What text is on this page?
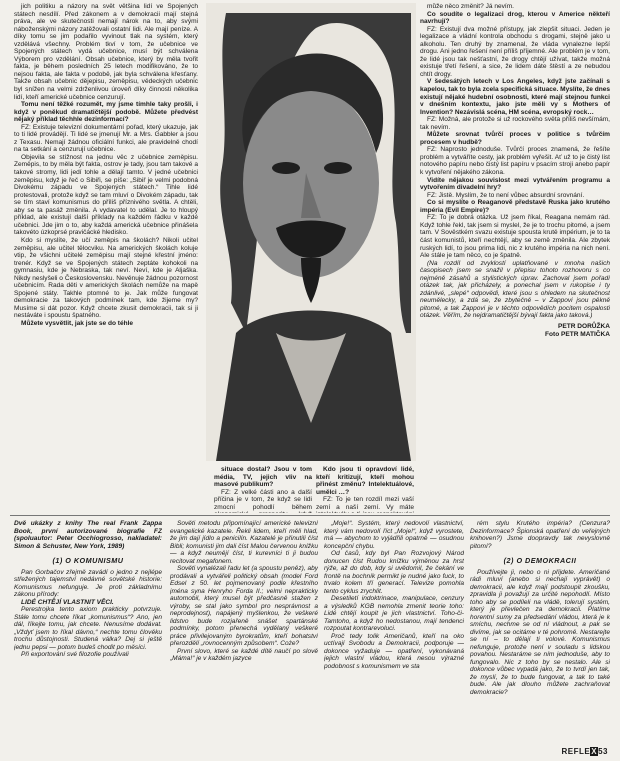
jich politiku a názory na svět většina lidí ve Spojených státech nesdílí. Před zákonem a v demokracii mají stejná práva, ale ve skutečnosti nemají nárok na to, aby svými náboženskými názory zatěžovali ostatní lidi. Ale mají peníze. A díky tomu se jim podařilo vyvinout tlak na systém, který vzdělává všechny. Problém tkví v tom, že učebnice ve Spojených státech vydá učebnice, musí být schválena Výborem pro vzdělání. Obsah učebnice, který by měla tvořit fakta, je během posledních 25 letech modifikováno, že to nejsou fakta, ale fakta v podobě, jak byla schválena křesťany. Takže obsah učebnic dějepisu, zeměpisu, vědeckých učebnic byl snížen na velmi zdrženlivou úroveň díky činnosti několika lidí, kteří americké učebnice cenzurují.

Tomu není těžké rozumět, my jsme tímhle taky prošli, i když v poněkud dramatičtější podobě. Můžete předvést nějaký příklad těchhle dezinformací?

FZ: Existuje televizní dokumentární pořad, který ukazuje, jak to ti lidé provádějí. Ti lidé se jmenují Mr. a Mrs. Gabbler a jsou z Texasu. Nemají žádnou oficiální funkci, ale pravidelně chodí na ta setkání a cenzurují učebnice.

Objevila se stížnost na jednu věc z učebnice zeměpisu. Zeměpis, to by měla být fakta, ostrov je tady, jsou tam takové a takové stromy, lidi jedí tohle a dělají tamto. V jedné učebnici zeměpisu, když je řeč o Sibiři, se píše: „Sibiř je velmi podobná Divokému západu ve Spojených státech.“ Tihle lidé protestovali, protože když se tam mluví o Divokém západu, tak se tím staví komunismus do příliš příznivého světla. A chtěli, aby se ta pasáž změnila. A vydavatel to udělal. Je to hloupý příklad, ale existují další příklady na každém řádku v každé učebnici. Jde jim o to, aby každá americká učebnice přinášela takovéto úzkoprsé pravičácké hledisko.

Kdo si myslíte, že učí zeměpis na školách? Nikoli učitel zeměpisu, ale učitel tělocviku. Na amerických školách koluje vtip, že všichni učitelé zeměpisu mají stejné křestní jméno: trenér. Když se ve Spojených státech zeptáte kohokoli na gymnasiu, kde je Nebraska, tak neví. Neví, kde je Aljaška. Nikdy neslyšeli o Československu. Nevěnuje žádnou pozornost učebnicím. Rada děti v amerických školách nemůže na mapě Spojené státy. Takhle ptomné to je. Jak může fungovat demokracie za takových podmínek tam, kde žijeme my? Musíme si dát pozor. Když chcete zkusit demokracii, tak si ji nestáváte i spoustu špatného.

Můžete vysvětlit, jak jste se do téhle

situace dostal? Jsou v tom média, TV, jejich vliv na masové publikum?

FZ: Z velké části ano a další příčina je v tom, že když se lidi zmocní pohodlí během

Kdo jsou ti opravdoví lidé, kteří kritizují, kteří mohou přinést změnu? Intelektuálové, umělci …?

FZ: To je ten rozdíl mezi vaší zemí a naší zemí. Vy máte

může něco změnit? Já nevím.

Co soudíte o legalizaci drog, kterou v Americe někteří navrhují?

FZ: Existují dva možné přístupy, jak zlepšit situaci. Jeden je legalizace a vládní kontrola obchodu s drogami, stejně jako u alkoholu. Ten druhý by znamenal, že vláda vynalezne lepší drogu. Ani jedno řešení není příliš příjemné. Ale problém je v tom, že lidé jsou tak nešťastní, že drogy chtějí užívat, takže možná existuje třetí řešení, a sice, že lidem dáte štěstí a ze nebudou chtít drogy.

V šedesátých letech v Los Angeles, když jste začínali s kapelou, tak to byla zcela specifická situace. Myslíte, že dnes existují nějaké hudební osobnosti, které mají stejnou funkci v dnešním kontextu, jako jste měli vy s Mothers of Invention? Nezávislá scéna, HM scéna, evropský rock…

FZ: Možná, ale protože si už rockového světa příliš nevšímám, tak nevím.

Můžete srovnat tvůrčí proces v politice s tvůrčím procesem v hudbě?

FZ: Naprosto jednoduše. Tvůrčí proces znamená, že řešíte problém a vytváříte cesty, jak problém vyřešit. Ať už to je čistý list notového papíru nebo čistý list papíru v psacím stroji anebo papír k vytvoření nějakého zákona.

Vidíte nějakou souvislost mezi vytvářením programu a vytvořením divadelní hry?

FZ: Jistě. Myslím, že to není vůbec absurdní srovnání.

Co si myslíte o Reaganově představě Ruska jako krutého impéria (Evil Empire)?

FZ: To je dobrá otázka. Už jsem říkal, Reagana nemám rád. Když tohle řekl, tak jsem si myslel, že je to trochu pitomé, a jsem tam. V Sověstkém svazu existuje spousta krutě impérium, je to ta část komunistů, kteří nechtějí, aby se země změnila. Ale zbytek ruských lidí, to jsou prima lidi, nic z krutého impéria na nich není. Ale stále je tam něco, co je špatně.

(Na rozdíl od zvyklostí uplatňované v mnoha našich časopisech jsem se snažil v přepisu tohoto rozhovoru s co nejméně zásahů a stylistických úprav. Zachoval jsem pořadí otázek tak, jak přicházely, a ponechal jsem v rukopise i ty zdánlivé, „slepé“ odpovědi, které jsou s ohledem na skutečnost neumělecky, a zdá se, že zbytečně – v Zappovi jsou pěkně pitomé, a tak Zappovi je v těchto odpovědích pocitem ospalosti otázek. Věřím, že nejdramatičtější bývají fakta jako taková.)

PETR DORŮŽKA

Foto PETR MATIČKA

Dvě ukázky z knihy The real Frank Zappa Book, první autorizované biografie FZ (spoluautor: Peter Occhiogrosso, nakladatel: Simon & Schuster, New York, 1989)

(1) O KOMUNISMU

Pan Gorbačov zřejmě zavádí o jedno z nejlépe střežených tajemství nedávné sovětské historie: Komunismus nefunguje. Je proti základnímu zákonu přírody:

LIDÉ CHTĚJÍ VLASTNIT VĚCI.

Perestrojka tento axiom prakticky potvrzuje. Stále tomu chcete říkat „komunismus“? Ano, jen dál, říkejte tomu, jak chcete. Nenusíme dodávat. „Vždyť jsem to říkal dávno,“ nechte tomu člověku trochu důstojnosti. Studená válka? Dej si ještě jednu pepsi — potom budeš chodit po měsíci.

Při exportování své filozofie používali

Sověti metodu připomínající americké televizní evangelické kazatele. Řekli lidem, kteří měli hlad, že jim dají jídlo a penicilín. Kazatelé je přinutili číst Bibli; komunisti jim dali číst Malou červenou knížku — a když neumějí číst, ti kurevníci ti ji budou recitovat megafonem.

Sověti vynalézali řadu let (a spoustu peněz), aby prodávali a vytvářeli politický obsah (model Ford Edsel z 50. let pojmenovaný podle křestního jména syna Henryho Forda II.; velmi neprakticky automobil, který musel být předčasně stažen z výroby, se stal jako symbol pro nesprávnost a neprodejnost), napájený myšlenkou, že veškeré lidstvo bude rozjařeně snášet spartánské podmínky, potom přenechá vydělaný veškeré práce přivilejovaným byrokratům, kteří bohatství přerozdělí „rovnocenným způsobem“. Coże?

První slovo, které se každé dítě naučí po slově „Máma!“ je v každém jazyce

„Moje!“. Systém, který nedovolí vlastnictví, který vám nedovolí říct „Moje!“, když vyrostete, má — abychom to vyjádřili opatrně — osudnou koncepční chybu.

Od časů, kdy byl Pan Rozvojový Národ donucen číst Rudou knížku výměnou za hrst rýže, až do dob, kdy si uvědomil, že čekání ve frontě na bochník permikt je nudné jako fuck, to trvalo kolem tří generací. Televize pomohla tento cyklus zrychlit.

Desetiletí indoktrinace, manipulace, cenzury a výsledků KGB nemohla zmenit teorie toho: Lidé chtějí koupit je jich vlastnictví. Toho-či-Tamtoho, a když ho nedostanou, mají tendenci rozpoutat kontrarevoluci.

Proč tedy tolik Američanů, kteří na oko uctívají Svobodu a Demokracii, podporuje — dokonce vyžaduje — opatření, vykonávaná jejich vlastní vládou, která nesou výrazné podobnost s komunismem ve sta

rém stylu Krutého impéria? (Cenzura? Dezinformace? Špionská opatření do veřejných knihoven?) Jsme doopravdy tak nevyslovně pitomí?

(2) O DEMOKRACII

Používejte ji, nebo o ni přijdete. Američané rádi mluví (anebo si nechají vyprávět) o demokracii, ale když mají podstoupit zkoušku, zpravidla ji považují za určité nepohodlí. Místo toho aby se podíleli na vládě, tolerují systém, který je převlečen za demokracii. Platíme horentní sumy za předsedání vládou, která je k smíchu, nechme se od ní vládnout, a pak se divíme, jak se ocitáme v té pohromě. Nestarejte se ní – to dělají ti volové. Komunismus nefunguje, protože není v souladu s lidskou povahou. Nestaráme se ním jednoduše, aby to fungovalo. Nic z toho by se nestalo. Ale si dokonce vůbec vypadá jako, že to tvrdí jen tak, že myslí, že to bude fungovat, a tak to také bude. Ale jak dlouho můžete zachraňovat demokracie?

REFLEX53
